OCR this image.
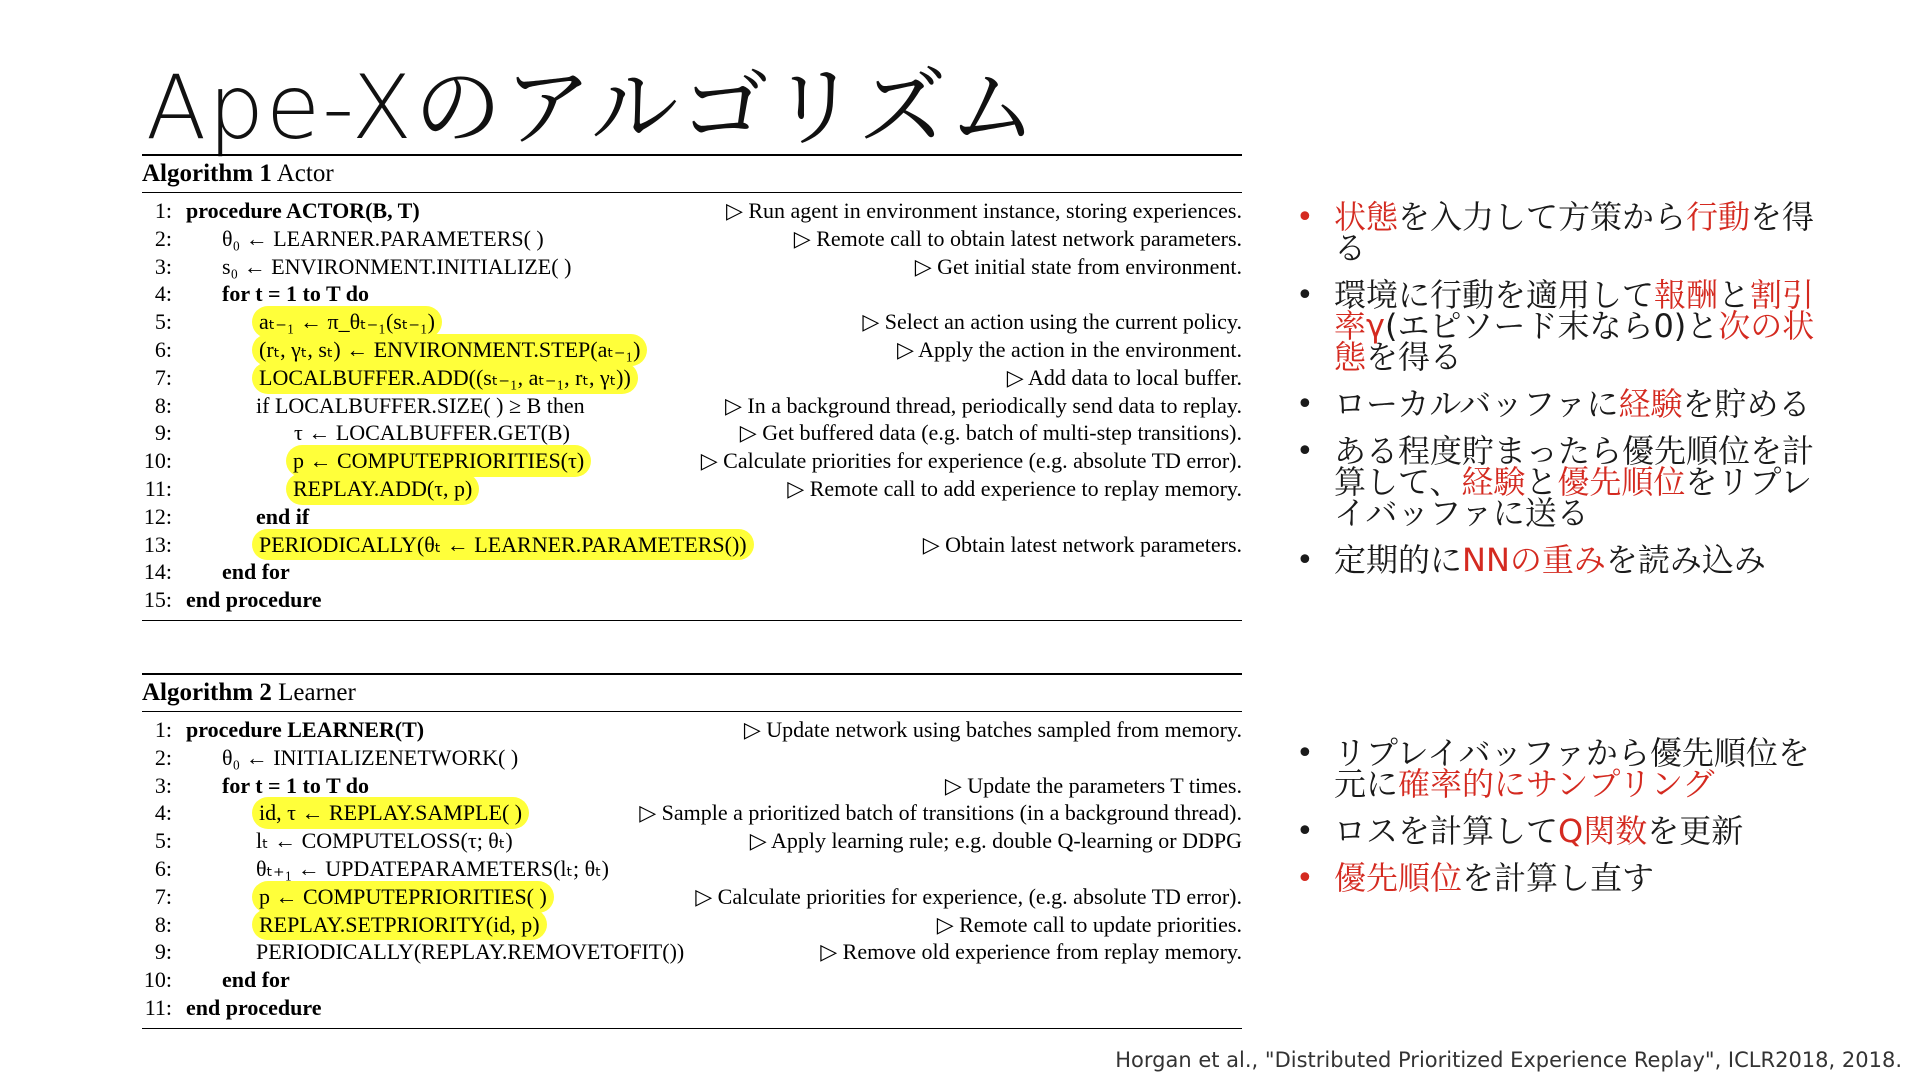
Ape-Xのアルゴリズム
Algorithm 1 Actor
1: procedure ACTOR(B, T)	▷ Run agent in environment instance, storing experiences.
2: θ₀ ← LEARNER.PARAMETERS( )	▷ Remote call to obtain latest network parameters.
3: s₀ ← ENVIRONMENT.INITIALIZE( )	▷ Get initial state from environment.
4: for t = 1 to T do
5:	aₜ₋₁ ← π_θₜ₋₁(sₜ₋₁)	▷ Select an action using the current policy.
6:	(rₜ, γₜ, sₜ) ← ENVIRONMENT.STEP(aₜ₋₁)	▷ Apply the action in the environment.
7:	LOCALBUFFER.ADD((sₜ₋₁, aₜ₋₁, rₜ, γₜ))	▷ Add data to local buffer.
8:	if LOCALBUFFER.SIZE( ) ≥ B then	▷ In a background thread, periodically send data to replay.
9:	τ ← LOCALBUFFER.GET(B)	▷ Get buffered data (e.g. batch of multi-step transitions).
10:	p ← COMPUTEPRIORITIES(τ)	▷ Calculate priorities for experience (e.g. absolute TD error).
11:	REPLAY.ADD(τ, p)	▷ Remote call to add experience to replay memory.
12:	end if
13:	PERIODICALLY(θₜ ← LEARNER.PARAMETERS())	▷ Obtain latest network parameters.
14: end for
15: end procedure
Algorithm 2 Learner
1: procedure LEARNER(T)	▷ Update network using batches sampled from memory.
2: θ₀ ← INITIALIZENETWORK( )
3: for t = 1 to T do	▷ Update the parameters T times.
4:	id, τ ← REPLAY.SAMPLE( )	▷ Sample a prioritized batch of transitions (in a background thread).
5:	lₜ ← COMPUTELOSS(τ; θₜ)	▷ Apply learning rule; e.g. double Q-learning or DDPG
6:	θₜ₊₁ ← UPDATEPARAMETERS(lₜ; θₜ)
7:	p ← COMPUTEPRIORITIES( )	▷ Calculate priorities for experience, (e.g. absolute TD error).
8:	REPLAY.SETPRIORITY(id, p)	▷ Remote call to update priorities.
9:	PERIODICALLY(REPLAY.REMOVETOFIT())	▷ Remove old experience from replay memory.
10: end for
11: end procedure
• 状態を入力して方策から行動を得る
• 環境に行動を適用して報酬と割引率γ(エピソード末なら0)と次の状態を得る
• ローカルバッファに経験を貯める
• ある程度貯まったら優先順位を計算して、経験と優先順位をリプレイバッファに送る
• 定期的にNNの重みを読み込み
• リプレイバッファから優先順位を元に確率的にサンプリング
• ロスを計算してQ関数を更新
• 優先順位を計算し直す
Horgan et al., "Distributed Prioritized Experience Replay", ICLR2018, 2018.
